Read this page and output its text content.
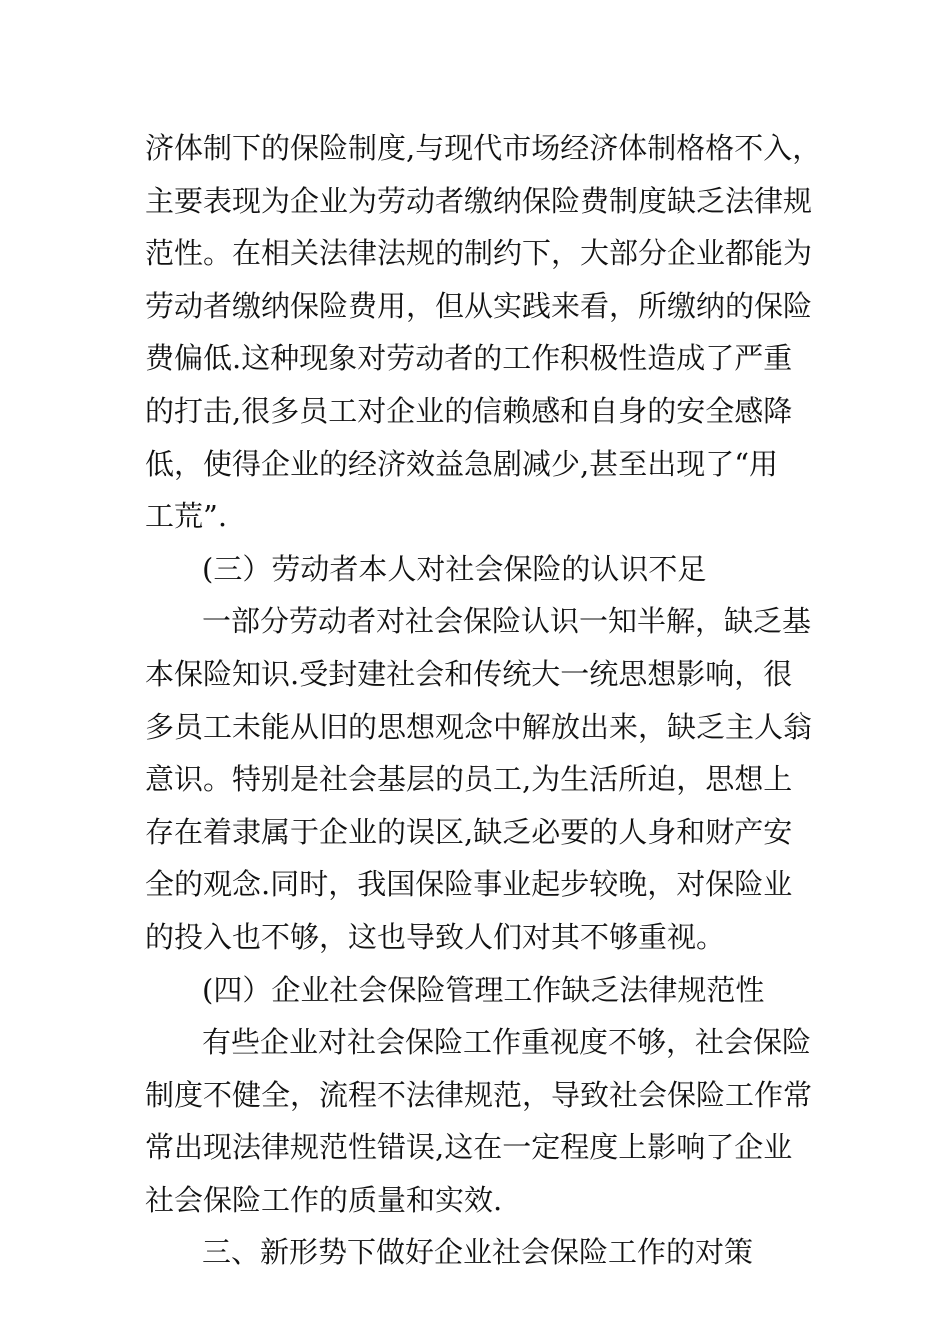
济体制下的保险制度,与现代市场经济体制格格不入，
主要表现为企业为劳动者缴纳保险费制度缺乏法律规
范性。在相关法律法规的制约下，大部分企业都能为
劳动者缴纳保险费用，但从实践来看，所缴纳的保险
费偏低.这种现象对劳动者的工作积极性造成了严重
的打击,很多员工对企业的信赖感和自身的安全感降
低，使得企业的经济效益急剧减少,甚至出现了“用
工荒”.
(三）劳动者本人对社会保险的认识不足
一部分劳动者对社会保险认识一知半解，缺乏基
本保险知识.受封建社会和传统大一统思想影响，很
多员工未能从旧的思想观念中解放出来，缺乏主人翁
意识。特别是社会基层的员工,为生活所迫，思想上
存在着隶属于企业的误区,缺乏必要的人身和财产安
全的观念.同时，我国保险事业起步较晚，对保险业
的投入也不够，这也导致人们对其不够重视。
(四）企业社会保险管理工作缺乏法律规范性
有些企业对社会保险工作重视度不够，社会保险
制度不健全，流程不法律规范，导致社会保险工作常
常出现法律规范性错误,这在一定程度上影响了企业
社会保险工作的质量和实效.
三、新形势下做好企业社会保险工作的对策
